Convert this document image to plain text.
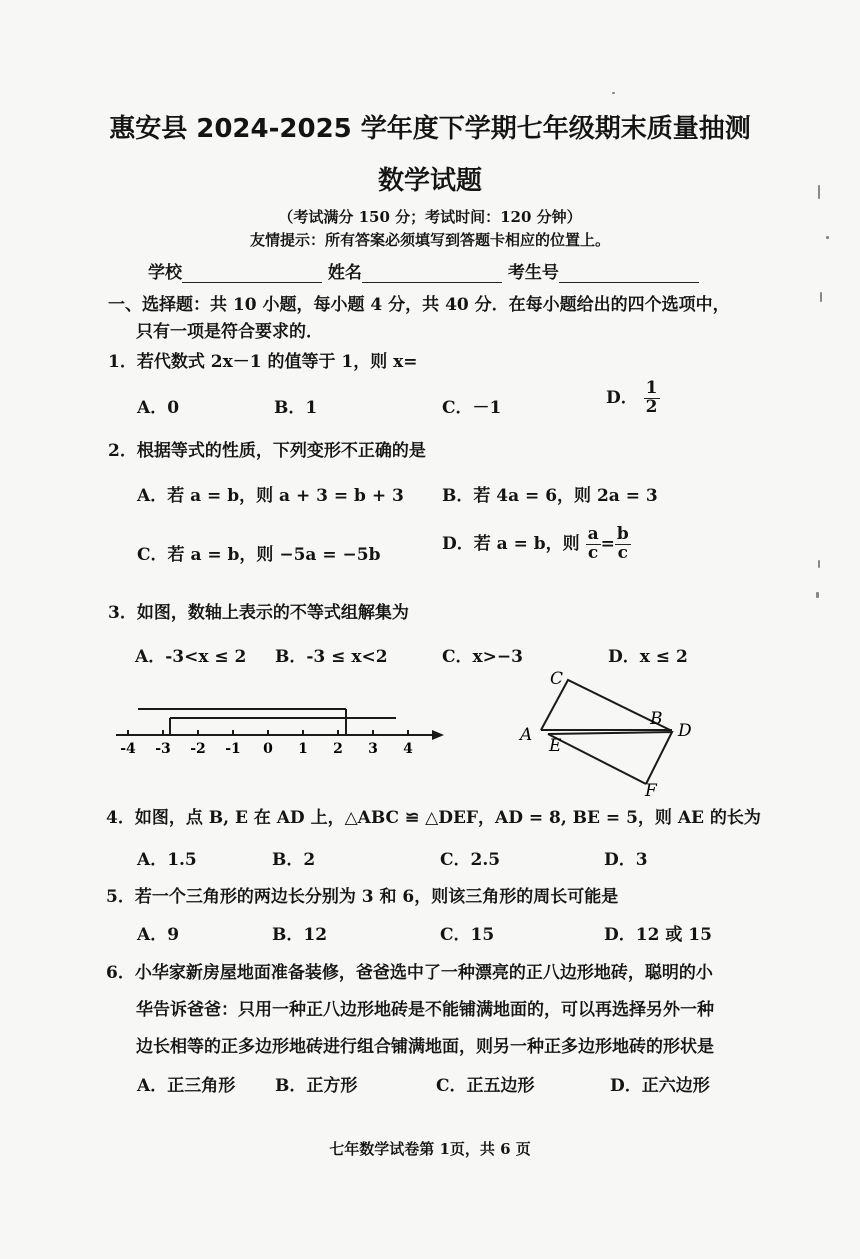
惠安县 2024-2025 学年度下学期七年级期末质量抽测
数学试题
（考试满分 150 分；考试时间：120 分钟）
友情提示：所有答案必须填写到答题卡相应的位置上。
学校	姓名	考生号
一、选择题：共 10 小题，每小题 4 分，共 40 分．在每小题给出的四个选项中，
只有一项是符合要求的．
1．若代数式 2x－1 的值等于 1，则 x=
A．0	B．1	C．－1
D． $\frac{1}{2}$
2．根据等式的性质，下列变形不正确的是
A．若 a = b，则 a + 3 = b + 3 B．若 4a = 6，则 2a = 3
C．若 a = b，则 −5a = −5b
D．若 a = b，则 $\frac{a}{c} = \frac{b}{c}$
3．如图，数轴上表示的不等式组解集为
A．-3<x ≤ 2 B．-3 ≤ x<2	C．x>−3	D．x ≤ 2
-4 -3 -2 -1 0 1 2 3 4
C
B
D
A
E
F
4．如图，点 B, E 在 AD 上，△ABC ≌ △DEF，AD = 8, BE = 5，则 AE 的长为
A．1.5	B．2	C．2.5	D．3
5．若一个三角形的两边长分别为 3 和 6，则该三角形的周长可能是
A．9	B．12	C．15	D．12 或 15
6．小华家新房屋地面准备装修，爸爸选中了一种漂亮的正八边形地砖，聪明的小
华告诉爸爸：只用一种正八边形地砖是不能铺满地面的，可以再选择另外一种
边长相等的正多边形地砖进行组合铺满地面，则另一种正多边形地砖的形状是
A．正三角形 B．正方形	C．正五边形	D．正六边形
七年数学试卷第 1页，共 6 页
